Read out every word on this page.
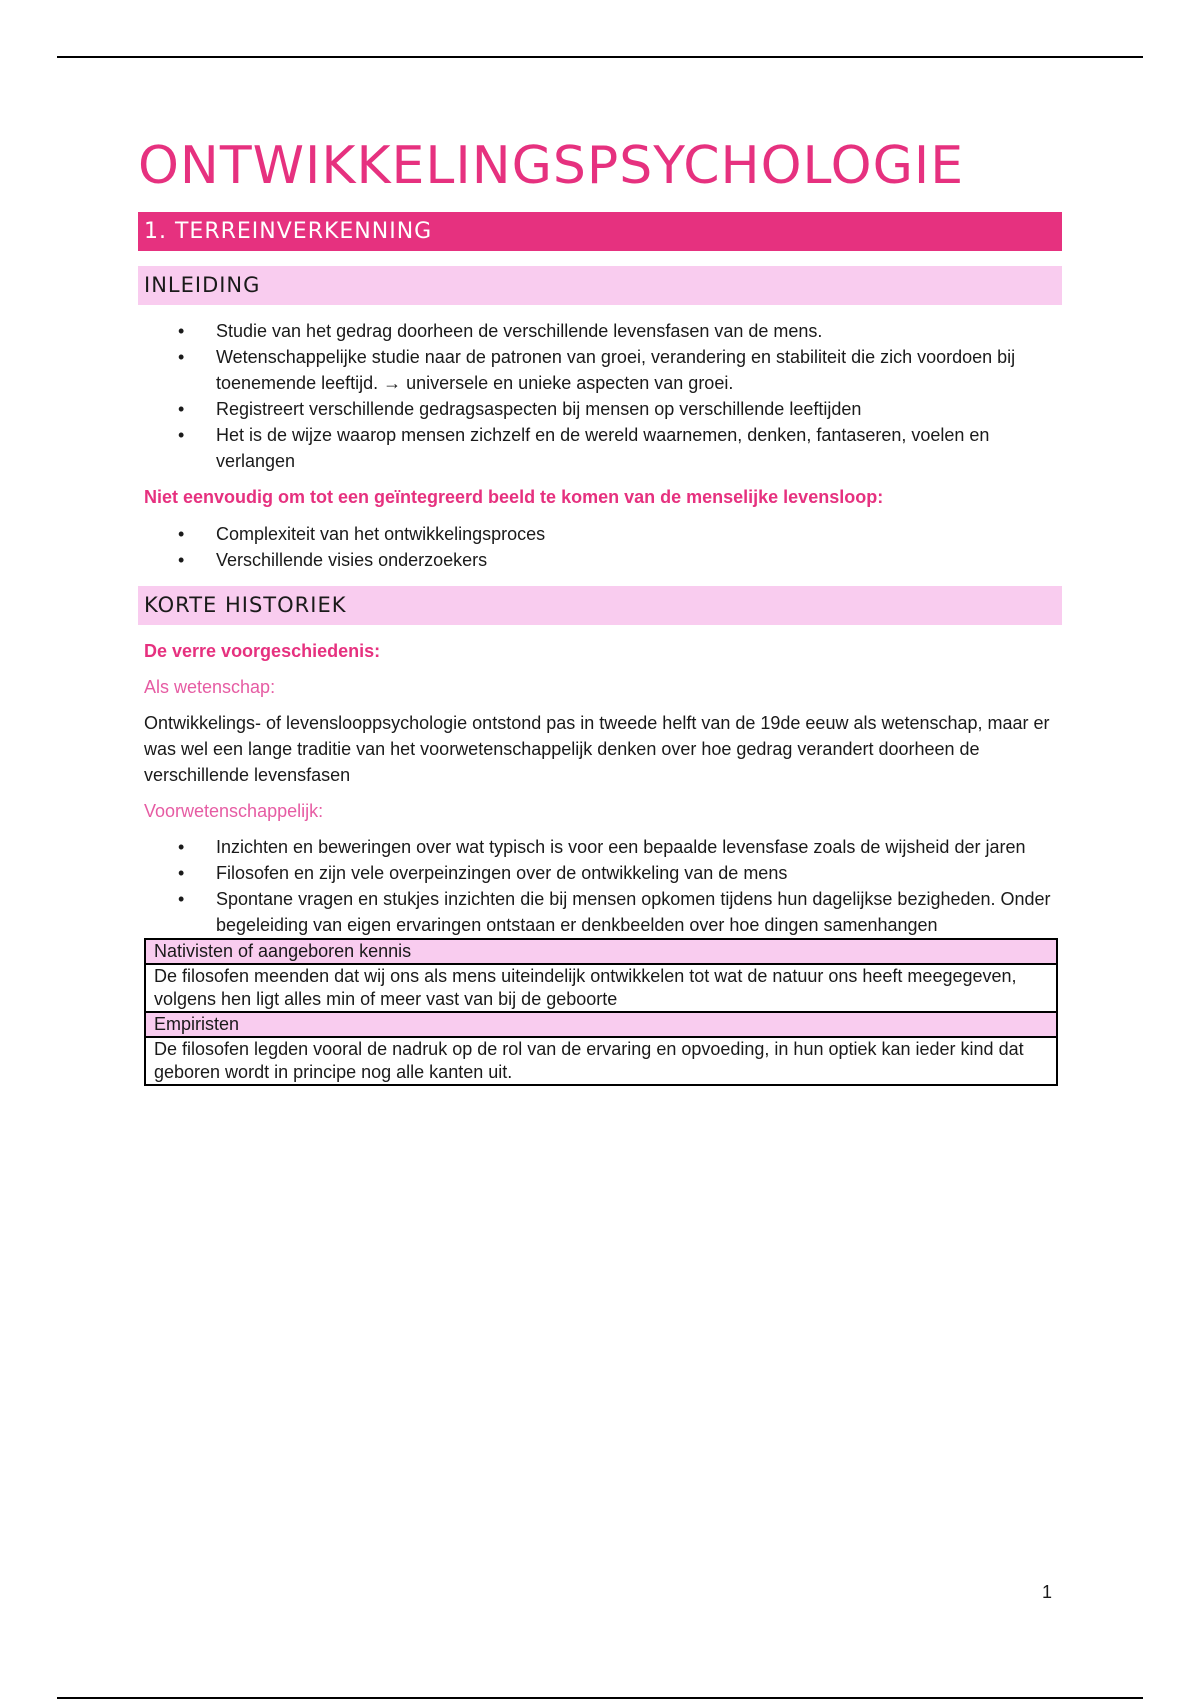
ONTWIKKELINGSPSYCHOLOGIE
1. TERREINVERKENNING
INLEIDING
• Studie van het gedrag doorheen de verschillende levensfasen van de mens.
• Wetenschappelijke studie naar de patronen van groei, verandering en stabiliteit die zich voordoen bij toenemende leeftijd. → universele en unieke aspecten van groei.
• Registreert verschillende gedragsaspecten bij mensen op verschillende leeftijden
• Het is de wijze waarop mensen zichzelf en de wereld waarnemen, denken, fantaseren, voelen en verlangen
Niet eenvoudig om tot een geïntegreerd beeld te komen van de menselijke levensloop:
• Complexiteit van het ontwikkelingsproces
• Verschillende visies onderzoekers
KORTE HISTORIEK
De verre voorgeschiedenis:
Als wetenschap:
Ontwikkelings- of levenslooppsychologie ontstond pas in tweede helft van de 19de eeuw als wetenschap, maar er was wel een lange traditie van het voorwetenschappelijk denken over hoe gedrag verandert doorheen de verschillende levensfasen
Voorwetenschappelijk:
• Inzichten en beweringen over wat typisch is voor een bepaalde levensfase zoals de wijsheid der jaren
• Filosofen en zijn vele overpeinzingen over de ontwikkeling van de mens
• Spontane vragen en stukjes inzichten die bij mensen opkomen tijdens hun dagelijkse bezigheden. Onder begeleiding van eigen ervaringen ontstaan er denkbeelden over hoe dingen samenhangen
Nativisten of aangeboren kennis
De filosofen meenden dat wij ons als mens uiteindelijk ontwikkelen tot wat de natuur ons heeft meegegeven, volgens hen ligt alles min of meer vast van bij de geboorte
Empiristen
De filosofen legden vooral de nadruk op de rol van de ervaring en opvoeding, in hun optiek kan ieder kind dat geboren wordt in principe nog alle kanten uit.
1
